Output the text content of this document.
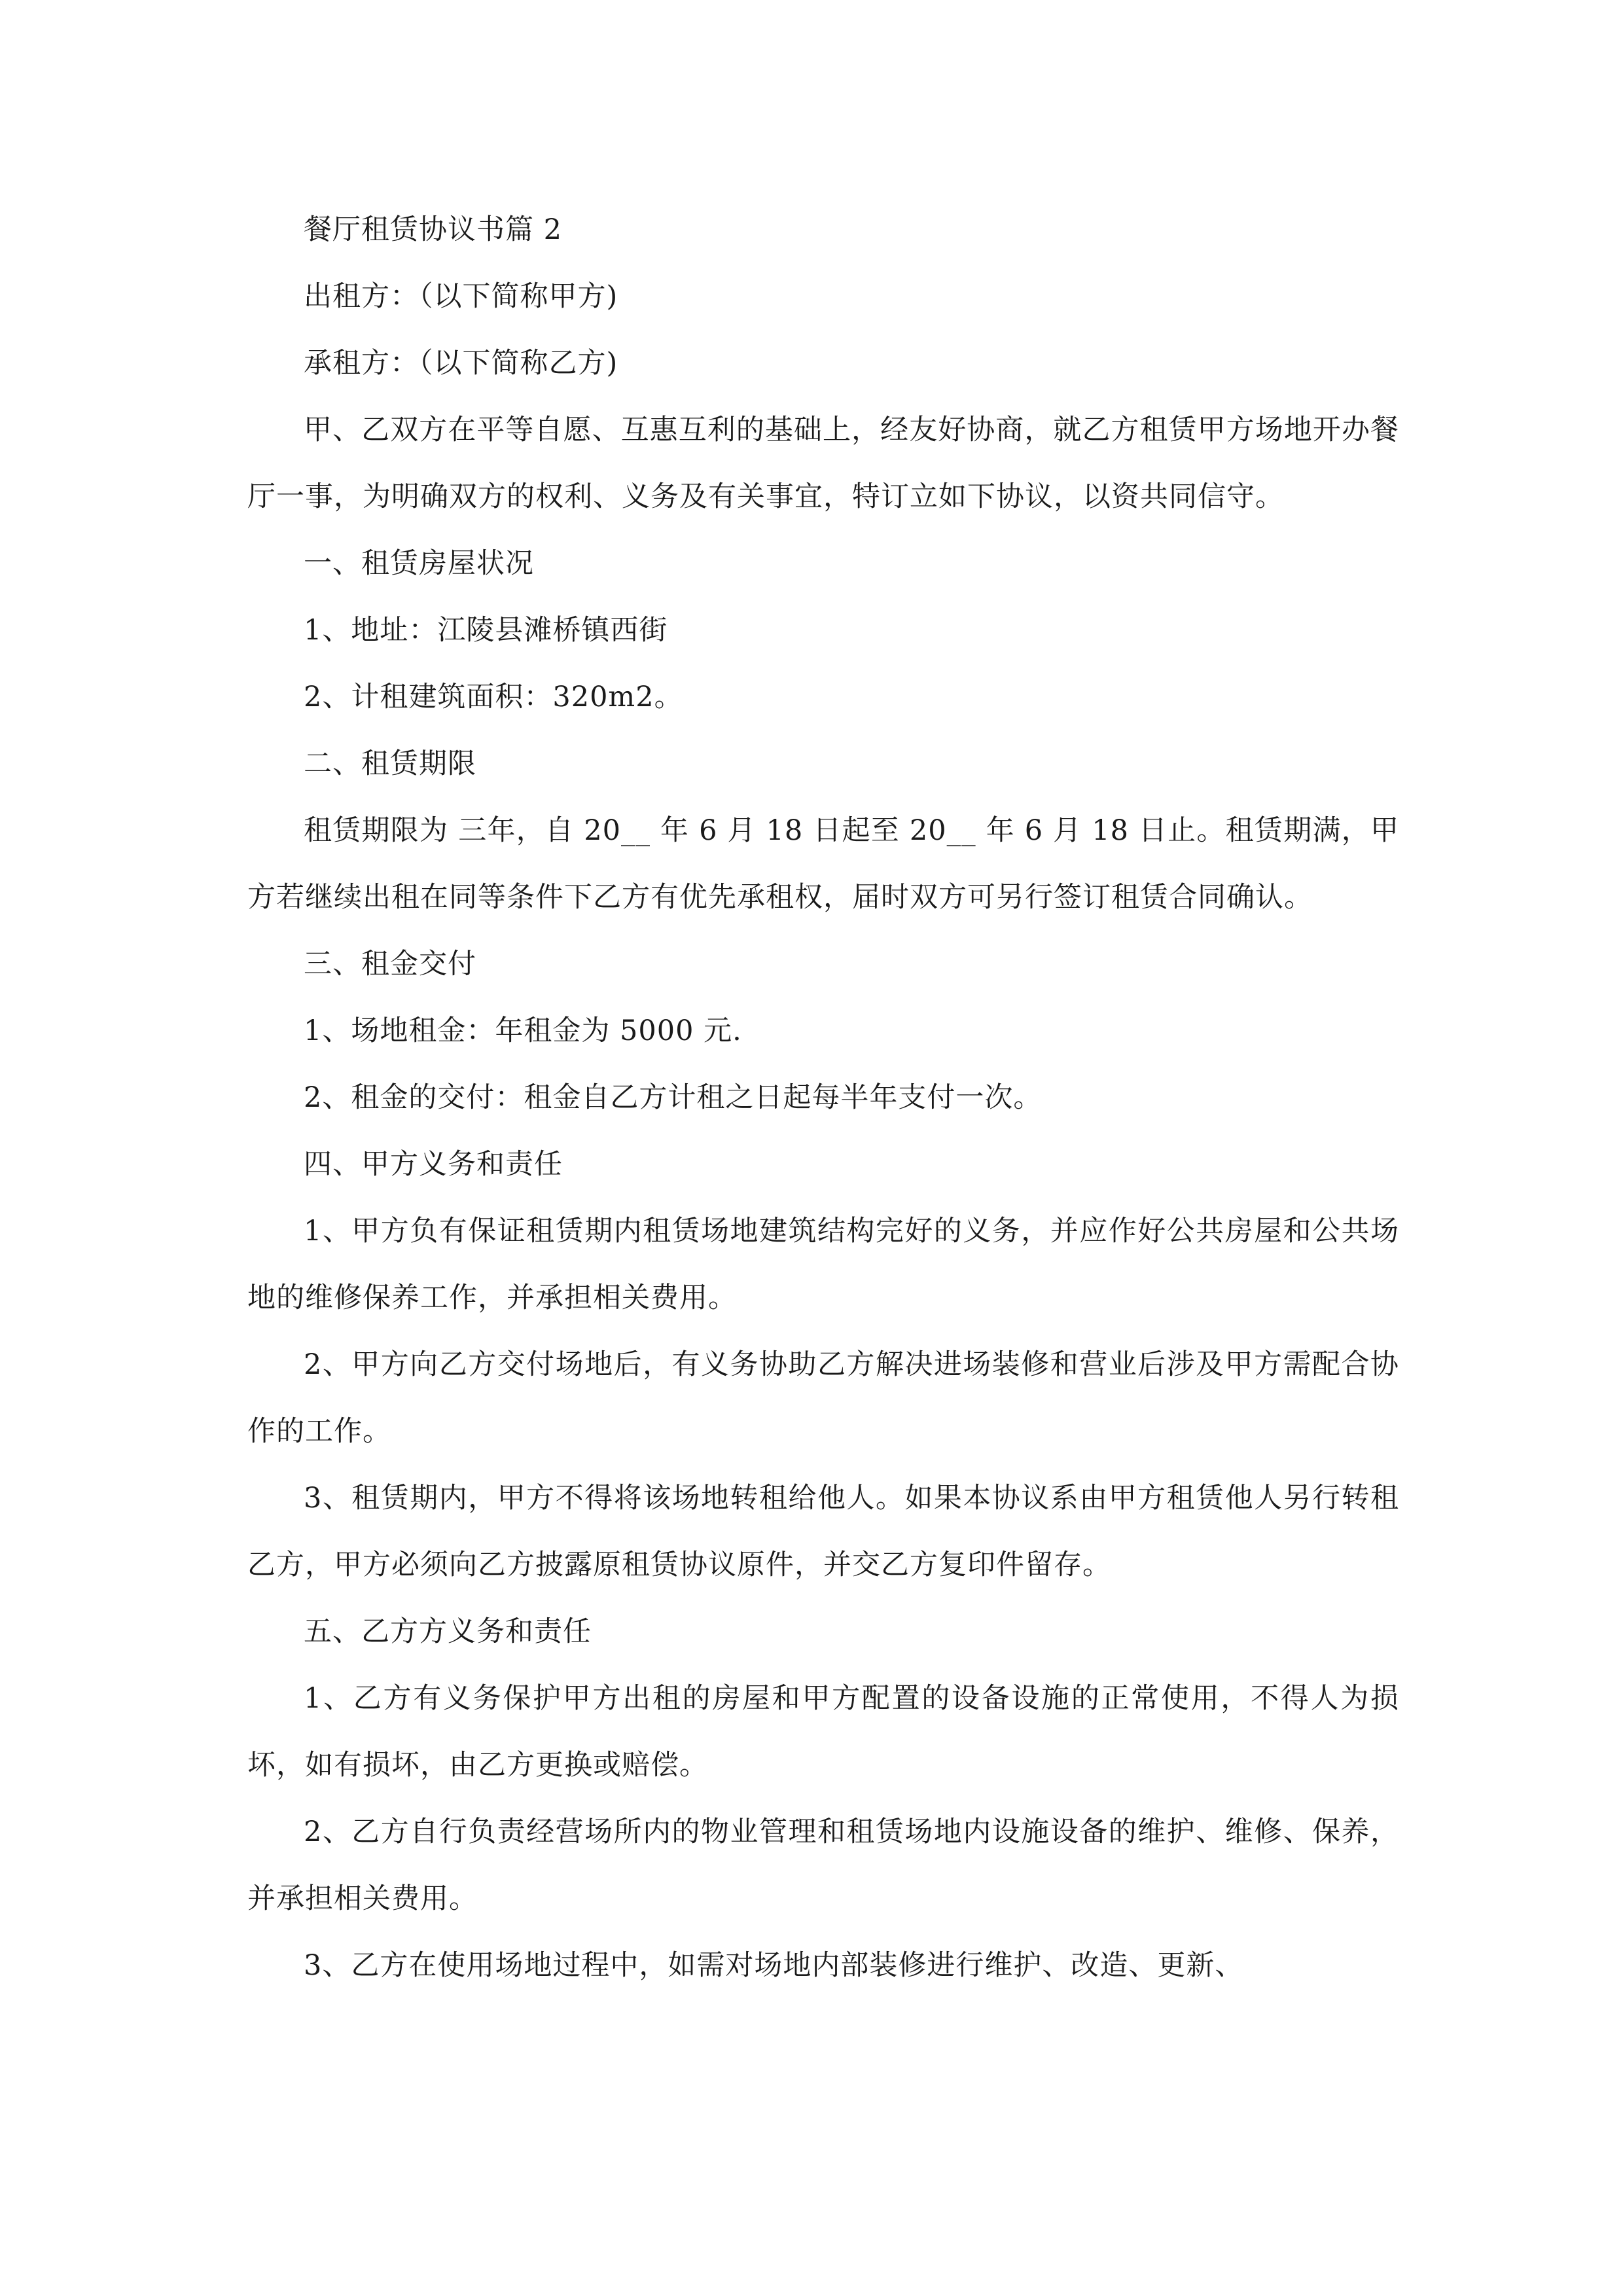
餐厅租赁协议书篇 2

出租方：（以下简称甲方)

承租方：（以下简称乙方)

甲、乙双方在平等自愿、互惠互利的基础上，经友好协商，就乙方租赁甲方场地开办餐厅一事，为明确双方的权利、义务及有关事宜，特订立如下协议，以资共同信守。

一、租赁房屋状况

1、地址：江陵县滩桥镇西街

2、计租建筑面积：320m2。

二、租赁期限

租赁期限为 三年，自 20__ 年 6 月 18 日起至 20__ 年 6 月 18 日止。租赁期满，甲方若继续出租在同等条件下乙方有优先承租权，届时双方可另行签订租赁合同确认。

三、租金交付

1、场地租金：年租金为 5000 元.

2、租金的交付：租金自乙方计租之日起每半年支付一次。

四、甲方义务和责任

1、甲方负有保证租赁期内租赁场地建筑结构完好的义务，并应作好公共房屋和公共场地的维修保养工作，并承担相关费用。

2、甲方向乙方交付场地后，有义务协助乙方解决进场装修和营业后涉及甲方需配合协作的工作。

3、租赁期内，甲方不得将该场地转租给他人。如果本协议系由甲方租赁他人另行转租乙方，甲方必须向乙方披露原租赁协议原件，并交乙方复印件留存。

五、乙方方义务和责任

1、乙方有义务保护甲方出租的房屋和甲方配置的设备设施的正常使用，不得人为损坏，如有损坏，由乙方更换或赔偿。

2、乙方自行负责经营场所内的物业管理和租赁场地内设施设备的维护、维修、保养，并承担相关费用。

3、乙方在使用场地过程中，如需对场地内部装修进行维护、改造、更新、
